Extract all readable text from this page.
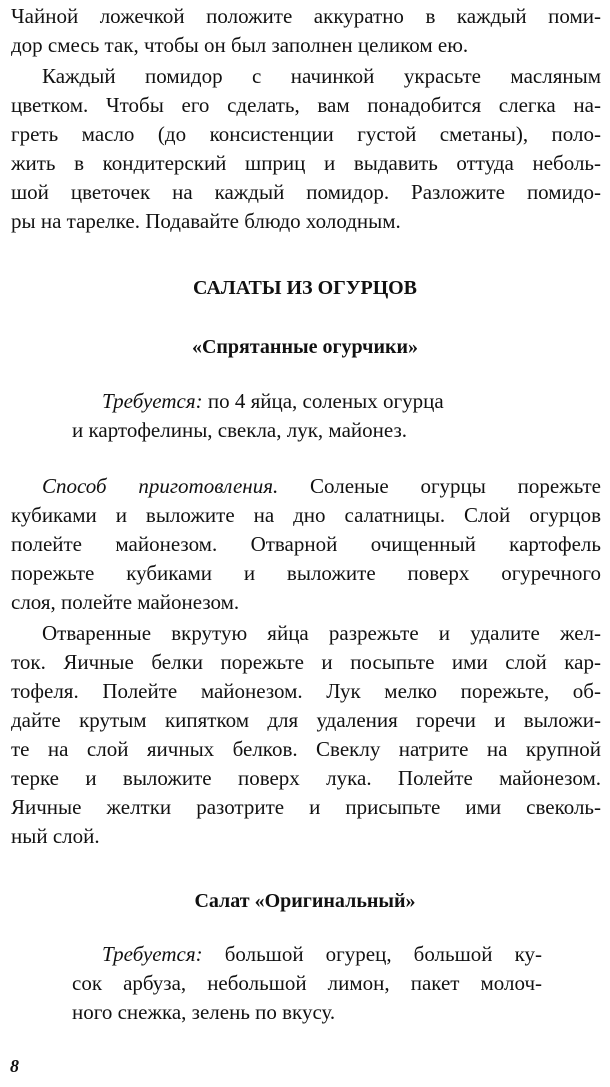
Чайной ложечкой положите аккуратно в каждый поми-
дор смесь так, чтобы он был заполнен целиком ею.
Каждый помидор с начинкой украсьте масляным
цветком. Чтобы его сделать, вам понадобится слегка на-
греть масло (до консистенции густой сметаны), поло-
жить в кондитерский шприц и выдавить оттуда неболь-
шой цветочек на каждый помидор. Разложите помидо-
ры на тарелке. Подавайте блюдо холодным.
САЛАТЫ ИЗ ОГУРЦОВ
«Спрятанные огурчики»
Требуется: по 4 яйца, соленых огурца
и картофелины, свекла, лук, майонез.
Способ приготовления. Соленые огурцы порежьте
кубиками и выложите на дно салатницы. Слой огурцов
полейте майонезом. Отварной очищенный картофель
порежьте кубиками и выложите поверх огуречного
слоя, полейте майонезом.
Отваренные вкрутую яйца разрежьте и удалите жел-
ток. Яичные белки порежьте и посыпьте ими слой кар-
тофеля. Полейте майонезом. Лук мелко порежьте, об-
дайте крутым кипятком для удаления горечи и выложи-
те на слой яичных белков. Свеклу натрите на крупной
терке и выложите поверх лука. Полейте майонезом.
Яичные желтки разотрите и присыпьте ими свеколь-
ный слой.
Салат «Оригинальный»
Требуется: большой огурец, большой ку-
сок арбуза, небольшой лимон, пакет молоч-
ного снежка, зелень по вкусу.
8
